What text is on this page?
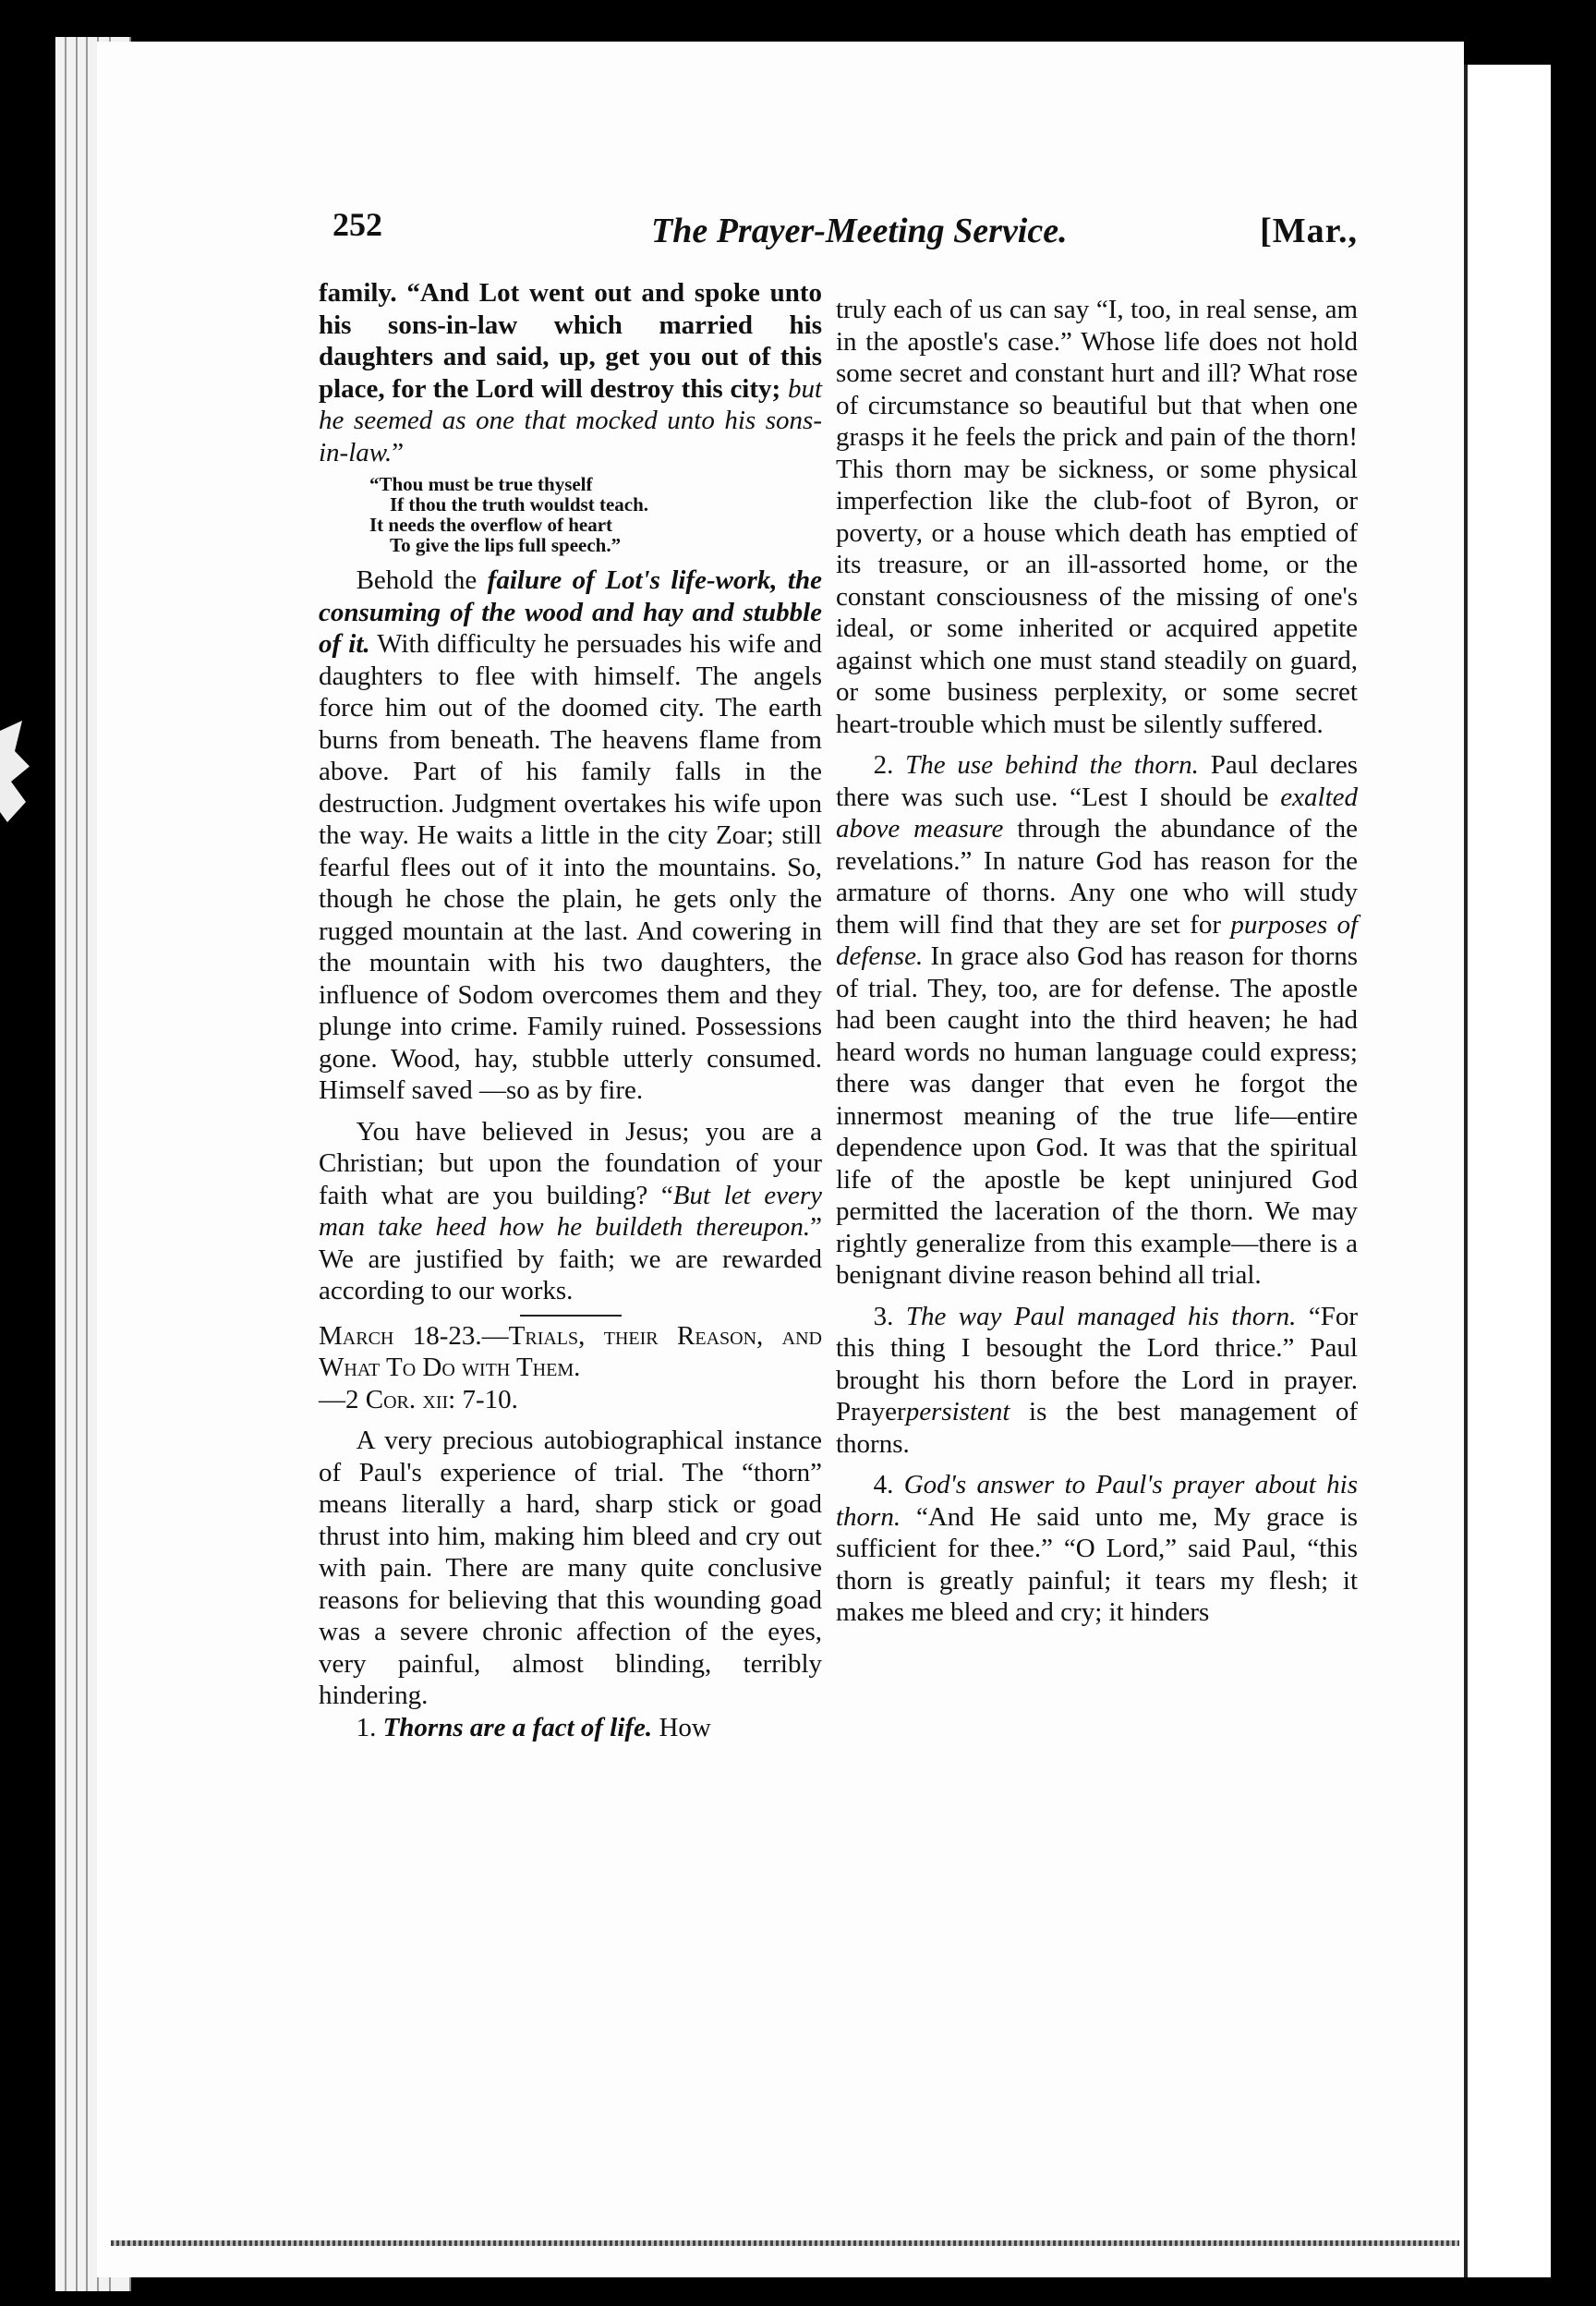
252	The Prayer-Meeting Service.	[Mar.,

family. “And Lot went out and spoke unto his sons-in-law which married his daughters and said, up, get you out of this place, for the Lord will destroy this city; but he seemed as one that mocked unto his sons-in-law.”

“Thou must be true thyself
If thou the truth wouldst teach.
It needs the overflow of heart
To give the lips full speech.”

Behold the failure of Lot's life-work, the consuming of the wood and hay and stubble of it. With difficulty he persuades his wife and daughters to flee with himself. The angels force him out of the doomed city. The earth burns from beneath. The heavens flame from above. Part of his family falls in the destruction. Judgment overtakes his wife upon the way. He waits a little in the city Zoar; still fearful flees out of it into the mountains. So, though he chose the plain, he gets only the rugged mountain at the last. And cowering in the mountain with his two daughters, the influence of Sodom overcomes them and they plunge into crime. Family ruined. Possessions gone. Wood, hay, stubble utterly consumed. Himself saved —so as by fire.

You have believed in Jesus; you are a Christian; but upon the foundation of your faith what are you building? “But let every man take heed how he buildeth thereupon.” We are justified by faith; we are rewarded according to our works.

March 18-23.—Trials, their Reason, and What To Do with Them.
—2 Cor. xii: 7-10.

A very precious autobiographical instance of Paul's experience of trial. The “thorn” means literally a hard, sharp stick or goad thrust into him, making him bleed and cry out with pain. There are many quite conclusive reasons for believing that this wounding goad was a severe chronic affection of the eyes, very painful, almost blinding, terribly hindering.

1. Thorns are a fact of life. How

truly each of us can say “I, too, in real sense, am in the apostle's case.” Whose life does not hold some secret and constant hurt and ill? What rose of circumstance so beautiful but that when one grasps it he feels the prick and pain of the thorn! This thorn may be sickness, or some physical imperfection like the club-foot of Byron, or poverty, or a house which death has emptied of its treasure, or an ill-assorted home, or the constant consciousness of the missing of one's ideal, or some inherited or acquired appetite against which one must stand steadily on guard, or some business perplexity, or some secret heart-trouble which must be silently suffered.

2. The use behind the thorn. Paul declares there was such use. “Lest I should be exalted above measure through the abundance of the revelations.” In nature God has reason for the armature of thorns. Any one who will study them will find that they are set for purposes of defense. In grace also God has reason for thorns of trial. They, too, are for defense. The apostle had been caught into the third heaven; he had heard words no human language could express; there was danger that even he forgot the innermost meaning of the true life—entire dependence upon God. It was that the spiritual life of the apostle be kept uninjured God permitted the laceration of the thorn. We may rightly generalize from this example—there is a benignant divine reason behind all trial.

3. The way Paul managed his thorn. “For this thing I besought the Lord thrice.” Paul brought his thorn before the Lord in prayer. Prayerpersistent is the best management of thorns.

4. God's answer to Paul's prayer about his thorn. “And He said unto me, My grace is sufficient for thee.” “O Lord,” said Paul, “this thorn is greatly painful; it tears my flesh; it makes me bleed and cry; it hinders
